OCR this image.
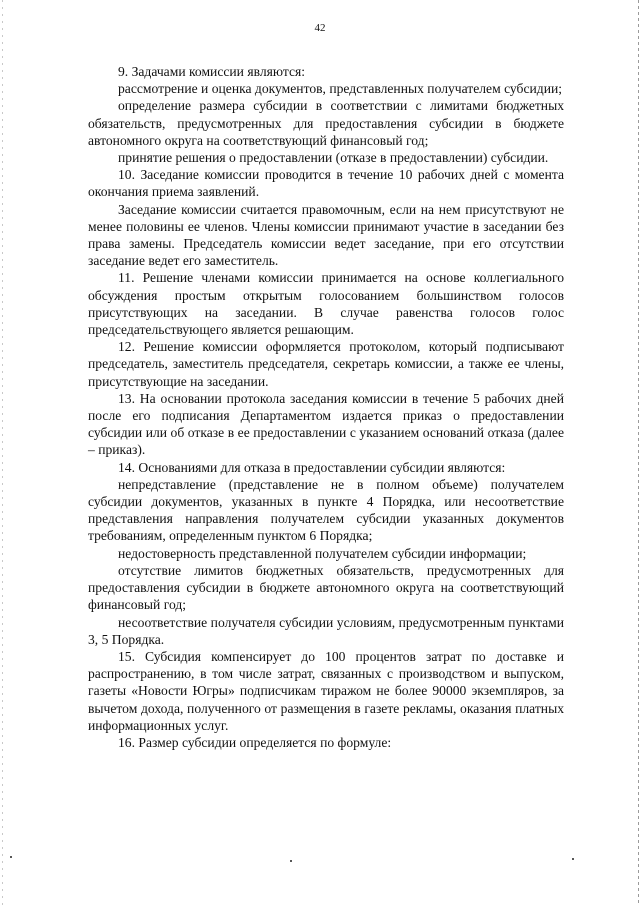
42

9. Задачами комиссии являются:

рассмотрение и оценка документов, представленных получателем субсидии;

определение размера субсидии в соответствии с лимитами бюджетных обязательств, предусмотренных для предоставления субсидии в бюджете автономного округа на соответствующий финансовый год;

принятие решения о предоставлении (отказе в предоставлении) субсидии.

10. Заседание комиссии проводится в течение 10 рабочих дней с момента окончания приема заявлений.

Заседание комиссии считается правомочным, если на нем присутствуют не менее половины ее членов. Члены комиссии принимают участие в заседании без права замены. Председатель комиссии ведет заседание, при его отсутствии заседание ведет его заместитель.

11. Решение членами комиссии принимается на основе коллегиального обсуждения простым открытым голосованием большинством голосов присутствующих на заседании. В случае равенства голосов голос председательствующего является решающим.

12. Решение комиссии оформляется протоколом, который подписывают председатель, заместитель председателя, секретарь комиссии, а также ее члены, присутствующие на заседании.

13. На основании протокола заседания комиссии в течение 5 рабочих дней после его подписания Департаментом издается приказ о предоставлении субсидии или об отказе в ее предоставлении с указанием оснований отказа (далее – приказ).

14. Основаниями для отказа в предоставлении субсидии являются:

непредставление (представление не в полном объеме) получателем субсидии документов, указанных в пункте 4 Порядка, или несоответствие представления направления получателем субсидии указанных документов требованиям, определенным пунктом 6 Порядка;

недостоверность представленной получателем субсидии информации;

отсутствие лимитов бюджетных обязательств, предусмотренных для предоставления субсидии в бюджете автономного округа на соответствующий финансовый год;

несоответствие получателя субсидии условиям, предусмотренным пунктами 3, 5 Порядка.

15. Субсидия компенсирует до 100 процентов затрат по доставке и распространению, в том числе затрат, связанных с производством и выпуском, газеты «Новости Югры» подписчикам тиражом не более 90000 экземпляров, за вычетом дохода, полученного от размещения в газете рекламы, оказания платных информационных услуг.

16. Размер субсидии определяется по формуле:
